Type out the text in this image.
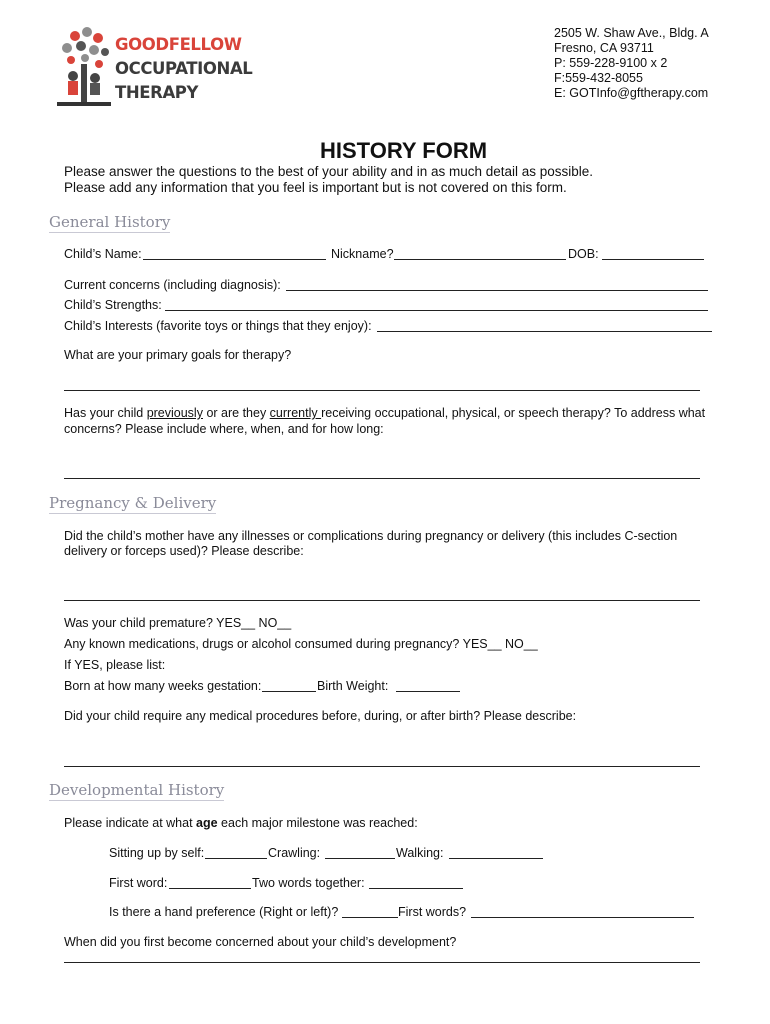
GOODFELLOW
OCCUPATIONAL
THERAPY
2505 W. Shaw Ave., Bldg. A
Fresno, CA 93711
P: 559-228-9100 x 2
F:559-432-8055
E: GOTInfo@gftherapy.com
HISTORY FORM
Please answer the questions to the best of your ability and in as much detail as possible.
Please add any information that you feel is important but is not covered on this form.
General History
Child’s Name:	Nickname?	DOB:
Current concerns (including diagnosis):
Child’s Strengths:
Child’s Interests (favorite toys or things that they enjoy):
What are your primary goals for therapy?
Has your child previously or are they currently receiving occupational, physical, or speech therapy? To address what
concerns? Please include where, when, and for how long:
Pregnancy & Delivery
Did the child’s mother have any illnesses or complications during pregnancy or delivery (this includes C-section
delivery or forceps used)? Please describe:
Was your child premature? YES__ NO__
Any known medications, drugs or alcohol consumed during pregnancy? YES__ NO__
If YES, please list:
Born at how many weeks gestation:	Birth Weight:
Did your child require any medical procedures before, during, or after birth? Please describe:
Developmental History
Please indicate at what age each major milestone was reached:
Sitting up by self:	Crawling:	Walking:
First word:	Two words together:
Is there a hand preference (Right or left)?	First words?
When did you first become concerned about your child’s development?
